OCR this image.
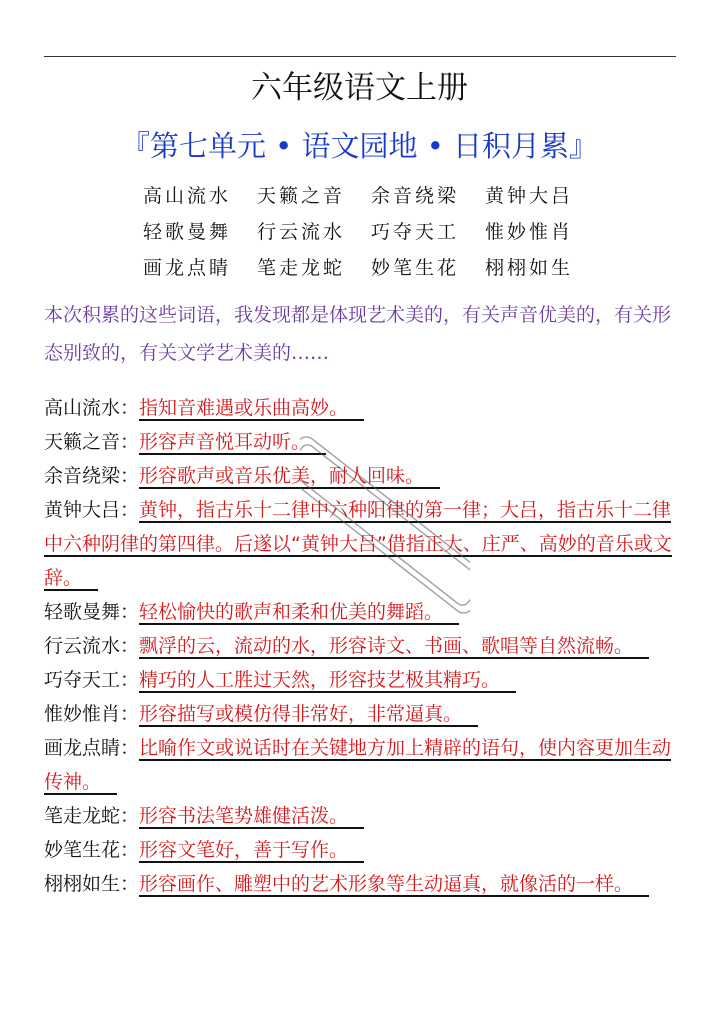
六年级语文上册
『第七单元 • 语文园地 • 日积月累』
高山流水	天籁之音	余音绕梁	黄钟大吕
轻歌曼舞	行云流水	巧夺天工	惟妙惟肖
画龙点睛	笔走龙蛇	妙笔生花	栩栩如生
本次积累的这些词语，我发现都是体现艺术美的，有关声音优美的，有关形态别致的，有关文学艺术美的……

高山流水：指知音难遇或乐曲高妙。

天籁之音：形容声音悦耳动听。

余音绕梁：形容歌声或音乐优美，耐人回味。

黄钟大吕：黄钟，指古乐十二律中六种阳律的第一律；大吕，指古乐十二律中六种阴律的第四律。后遂以“黄钟大吕”借指正大、庄严、高妙的音乐或文辞。

轻歌曼舞：轻松愉快的歌声和柔和优美的舞蹈。

行云流水：飘浮的云，流动的水，形容诗文、书画、歌唱等自然流畅。

巧夺天工：精巧的人工胜过天然，形容技艺极其精巧。

惟妙惟肖：形容描写或模仿得非常好，非常逼真。

画龙点睛：比喻作文或说话时在关键地方加上精辟的语句，使内容更加生动传神。

笔走龙蛇：形容书法笔势雄健活泼。

妙笔生花：形容文笔好，善于写作。

栩栩如生：形容画作、雕塑中的艺术形象等生动逼真，就像活的一样。
